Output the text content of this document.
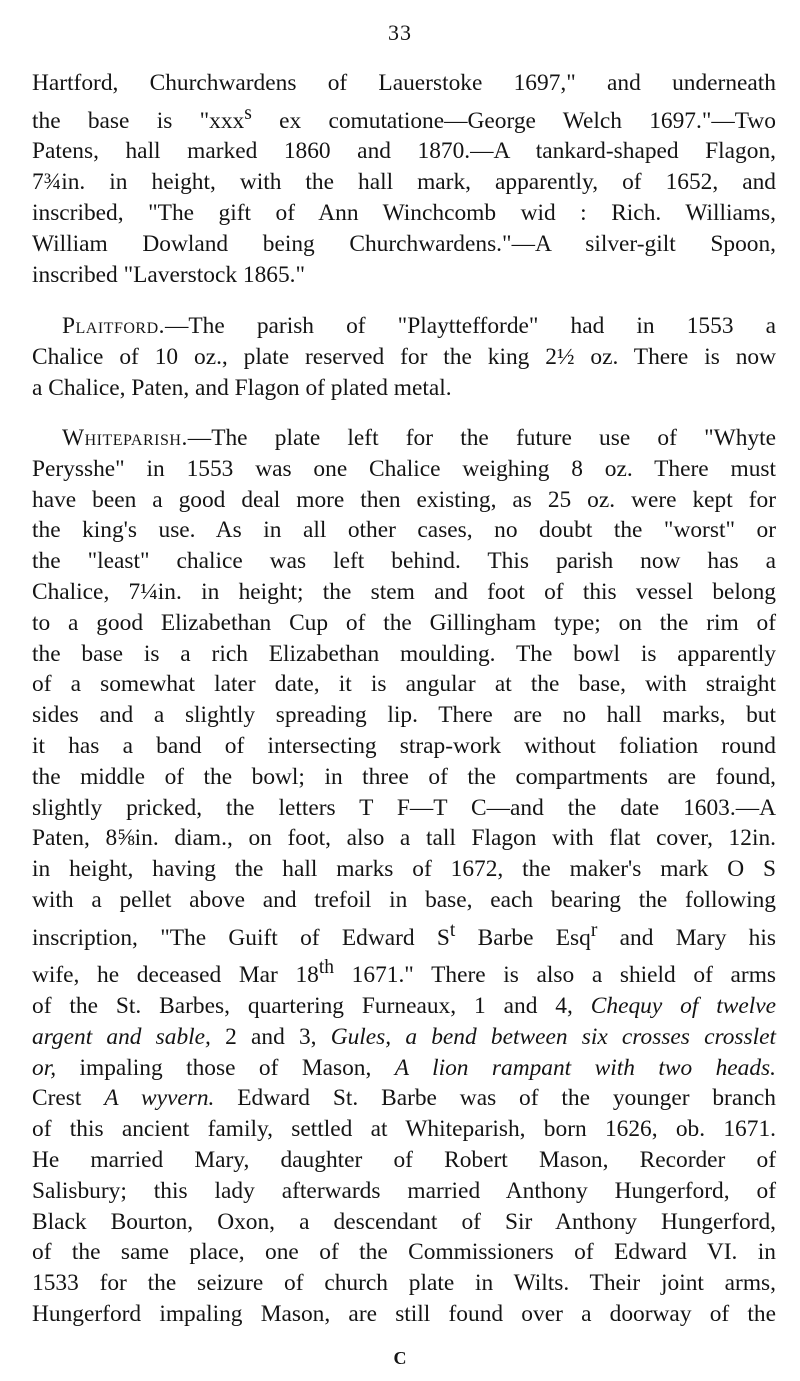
33
Hartford, Churchwardens of Lauerstoke 1697," and underneath
the base is "xxx$^s$ ex comutatione—George Welch 1697."—Two
Patens, hall marked 1860 and 1870.—A tankard-shaped Flagon,
7¾in. in height, with the hall mark, apparently, of 1652, and
inscribed, "The gift of Ann Winchcomb wid : Rich. Williams,
William Dowland being Churchwardens."—A silver-gilt Spoon,
inscribed "Laverstock 1865."
Plaitford.—The parish of "Playttefforde" had in 1553 a
Chalice of 10 oz., plate reserved for the king 2½ oz. There is now
a Chalice, Paten, and Flagon of plated metal.
Whiteparish.—The plate left for the future use of "Whyte
Perysshe" in 1553 was one Chalice weighing 8 oz. There must
have been a good deal more then existing, as 25 oz. were kept for
the king's use. As in all other cases, no doubt the "worst" or
the "least" chalice was left behind. This parish now has a
Chalice, 7¼in. in height; the stem and foot of this vessel belong
to a good Elizabethan Cup of the Gillingham type; on the rim of
the base is a rich Elizabethan moulding. The bowl is apparently
of a somewhat later date, it is angular at the base, with straight
sides and a slightly spreading lip. There are no hall marks, but
it has a band of intersecting strap-work without foliation round
the middle of the bowl; in three of the compartments are found,
slightly pricked, the letters T F—T C—and the date 1603.—A
Paten, 8⅝in. diam., on foot, also a tall Flagon with flat cover, 12in.
in height, having the hall marks of 1672, the maker's mark O S
with a pellet above and trefoil in base, each bearing the following
inscription, "The Guift of Edward $S^t$ Barbe Esq$^r$ and Mary his
wife, he deceased Mar 18th 1671." There is also a shield of arms
of the St. Barbes, quartering Furneaux, 1 and 4, Chequy of twelve
argent and sable, 2 and 3, Gules, a bend between six crosses crosslet
or, impaling those of Mason, A lion rampant with two heads.
Crest A wyvern. Edward St. Barbe was of the younger branch
of this ancient family, settled at Whiteparish, born 1626, ob. 1671.
He married Mary, daughter of Robert Mason, Recorder of
Salisbury; this lady afterwards married Anthony Hungerford, of
Black Bourton, Oxon, a descendant of Sir Anthony Hungerford,
of the same place, one of the Commissioners of Edward VI. in
1533 for the seizure of church plate in Wilts. Their joint arms,
Hungerford impaling Mason, are still found over a doorway of the
C
